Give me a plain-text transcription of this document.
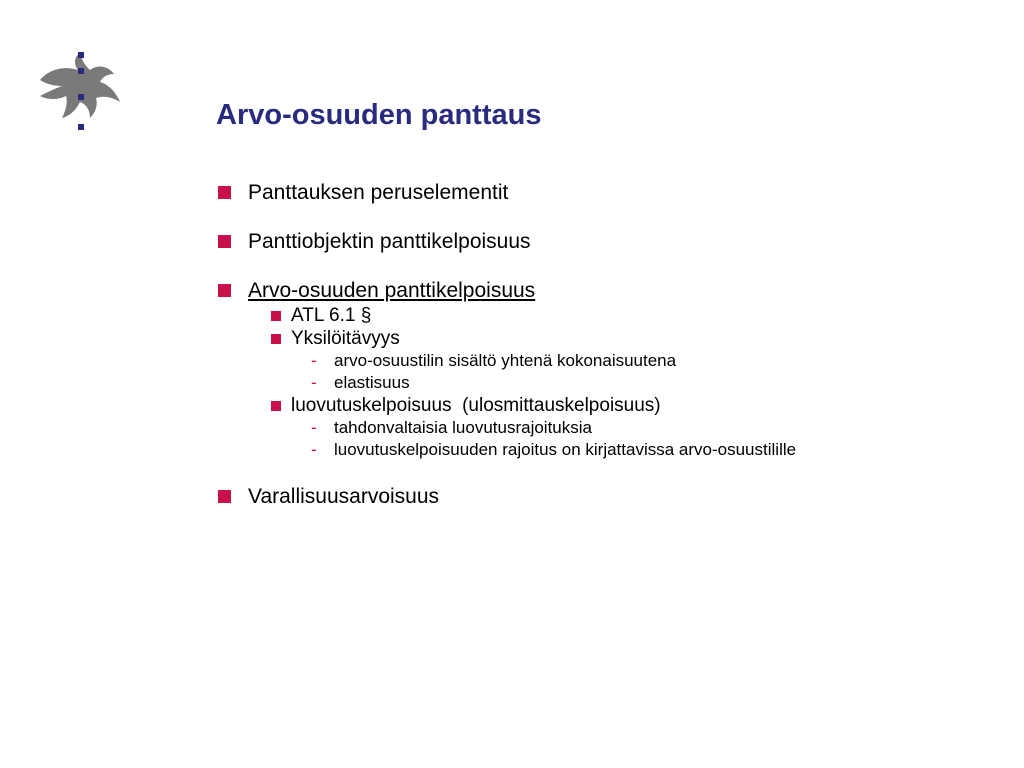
Arvo-osuuden panttaus
Panttauksen peruselementit
Panttiobjektin panttikelpoisuus
Arvo-osuuden panttikelpoisuus
ATL 6.1 §
Yksilöitävyys
- arvo-osuustilin sisältö yhtenä kokonaisuutena
- elastisuus
luovutuskelpoisuus  (ulosmittauskelpoisuus)
- tahdonvaltaisia luovutusrajoituksia
- luovutuskelpoisuuden rajoitus on kirjattavissa arvo-osuustilille
Varallisuusarvoisuus
